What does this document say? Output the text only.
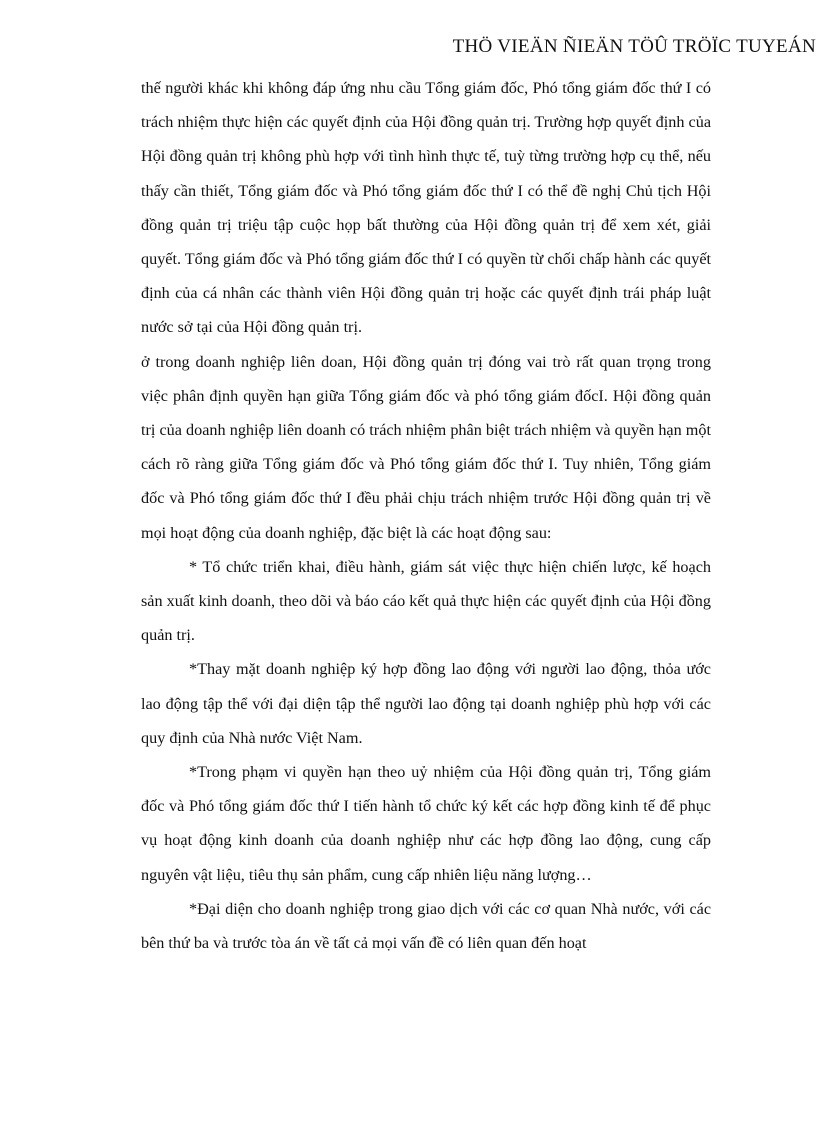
THÖ VIEÄN ÑIEÄN TÖÛ TRÖÏC TUYEÁN

thế người khác khi không đáp ứng nhu cầu Tổng giám đốc, Phó tổng giám đốc thứ I có trách nhiệm thực hiện các quyết định của Hội đồng quản trị. Trường hợp quyết định của Hội đồng quản trị không phù hợp với tình hình thực tế, tuỳ từng trường hợp cụ thể, nếu thấy cần thiết, Tổng giám đốc và Phó tổng giám đốc thứ I có thể đề nghị Chủ tịch Hội đồng quản trị triệu tập cuộc họp bất thường của Hội đồng quản trị để xem xét, giải quyết. Tổng giám đốc và Phó tổng giám đốc thứ I có quyền từ chối chấp hành các quyết định của cá nhân các thành viên Hội đồng quản trị hoặc các quyết định trái pháp luật nước sở tại của Hội đồng quản trị.

ở trong doanh nghiệp liên doan, Hội đồng quản trị đóng vai trò rất quan trọng trong việc phân định quyền hạn giữa Tổng giám đốc và phó tổng giám đốcI. Hội đồng quản trị của doanh nghiệp liên doanh có trách nhiệm phân biệt trách nhiệm và quyền hạn một cách rõ ràng giữa Tổng giám đốc và Phó tổng giám đốc thứ I. Tuy nhiên, Tổng giám đốc và Phó tổng giám đốc thứ I đều phải chịu trách nhiệm trước Hội đồng quản trị về mọi hoạt động của doanh nghiệp, đặc biệt là các hoạt động sau:

* Tổ chức triển khai, điều hành, giám sát việc thực hiện chiến lược, kế hoạch sản xuất kinh doanh, theo dõi và báo cáo kết quả thực hiện các quyết định của Hội đồng quản trị.

*Thay mặt doanh nghiệp ký hợp đồng lao động với người lao động, thỏa ước lao động tập thể với đại diện tập thể người lao động tại doanh nghiệp phù hợp với các quy định của Nhà nước Việt Nam.

*Trong phạm vi quyền hạn theo uỷ nhiệm của Hội đồng quản trị, Tổng giám đốc và Phó tổng giám đốc thứ I tiến hành tổ chức ký kết các hợp đồng kinh tế để phục vụ hoạt động kinh doanh của doanh nghiệp như các hợp đồng lao động, cung cấp nguyên vật liệu, tiêu thụ sản phẩm, cung cấp nhiên liệu năng lượng…

*Đại diện cho doanh nghiệp trong giao dịch với các cơ quan Nhà nước, với các bên thứ ba và trước tòa án về tất cả mọi vấn đề có liên quan đến hoạt
